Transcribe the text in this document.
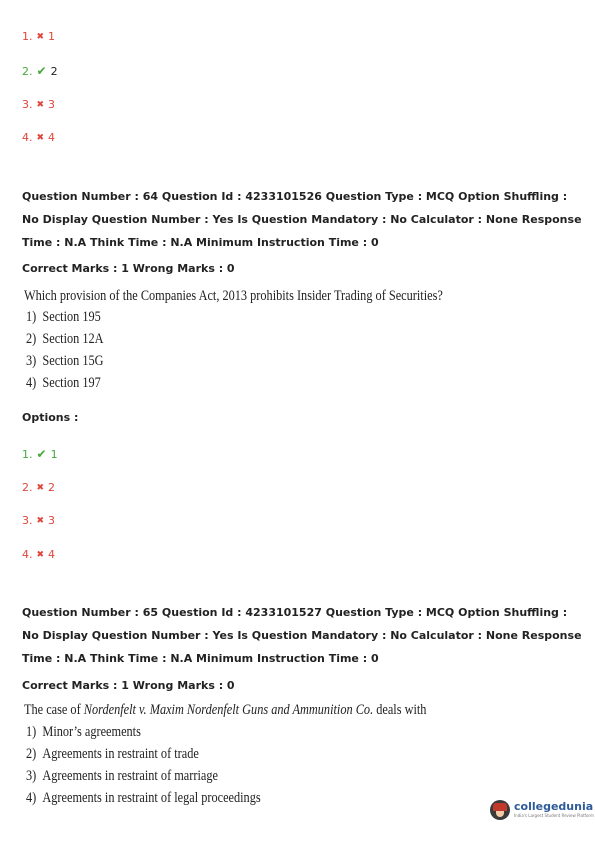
1. ✖ 1
2. ✔ 2
3. ✖ 3
4. ✖ 4
Question Number : 64 Question Id : 4233101526 Question Type : MCQ Option Shuffling : No Display Question Number : Yes Is Question Mandatory : No Calculator : None Response Time : N.A Think Time : N.A Minimum Instruction Time : 0
Correct Marks : 1 Wrong Marks : 0
Which provision of the Companies Act, 2013 prohibits Insider Trading of Securities?
1) Section 195
2) Section 12A
3) Section 15G
4) Section 197
Options :
1. ✔ 1
2. ✖ 2
3. ✖ 3
4. ✖ 4
Question Number : 65 Question Id : 4233101527 Question Type : MCQ Option Shuffling : No Display Question Number : Yes Is Question Mandatory : No Calculator : None Response Time : N.A Think Time : N.A Minimum Instruction Time : 0
Correct Marks : 1 Wrong Marks : 0
The case of Nordenfelt v. Maxim Nordenfelt Guns and Ammunition Co. deals with
1) Minor’s agreements
2) Agreements in restraint of trade
3) Agreements in restraint of marriage
4) Agreements in restraint of legal proceedings
collegedunia
India's Largest Student Review Platform
